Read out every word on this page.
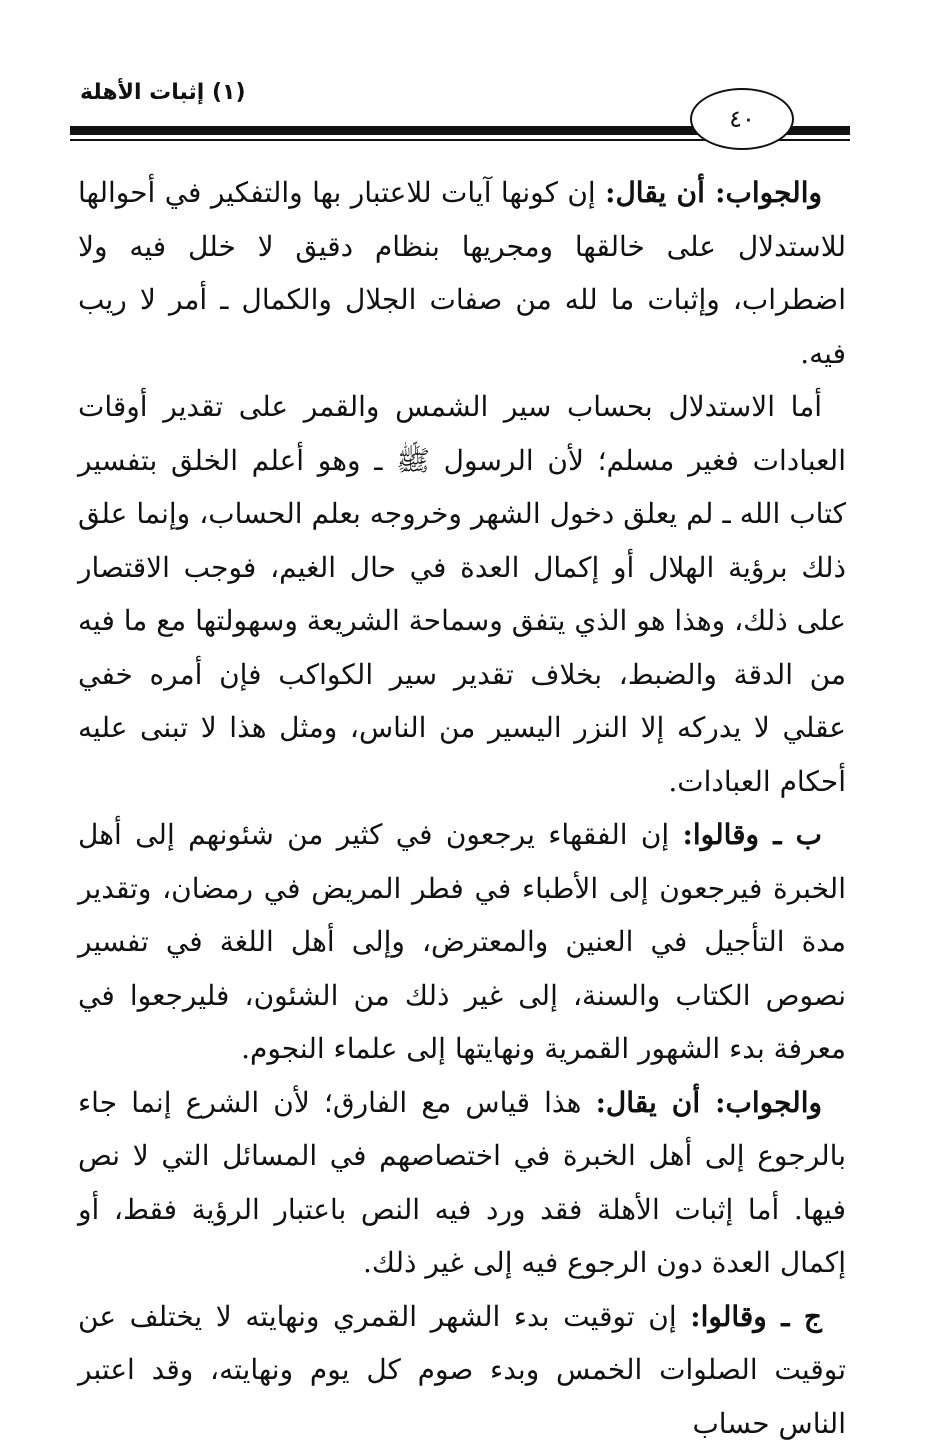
(١) إثبات الأهلة
٤٠

والجواب: أن يقال: إن كونها آيات للاعتبار بها والتفكير في أحوالها للاستدلال على خالقها ومجريها بنظام دقيق لا خلل فيه ولا اضطراب، وإثبات ما لله من صفات الجلال والكمال ـ أمر لا ريب فيه.

أما الاستدلال بحساب سير الشمس والقمر على تقدير أوقات العبادات فغير مسلم؛ لأن الرسول ﷺ ـ وهو أعلم الخلق بتفسير كتاب الله ـ لم يعلق دخول الشهر وخروجه بعلم الحساب، وإنما علق ذلك برؤية الهلال أو إكمال العدة في حال الغيم، فوجب الاقتصار على ذلك، وهذا هو الذي يتفق وسماحة الشريعة وسهولتها مع ما فيه من الدقة والضبط، بخلاف تقدير سير الكواكب فإن أمره خفي عقلي لا يدركه إلا النزر اليسير من الناس، ومثل هذا لا تبنى عليه أحكام العبادات.

ب ـ وقالوا: إن الفقهاء يرجعون في كثير من شئونهم إلى أهل الخبرة فيرجعون إلى الأطباء في فطر المريض في رمضان، وتقدير مدة التأجيل في العنين والمعترض، وإلى أهل اللغة في تفسير نصوص الكتاب والسنة، إلى غير ذلك من الشئون، فليرجعوا في معرفة بدء الشهور القمرية ونهايتها إلى علماء النجوم.

والجواب: أن يقال: هذا قياس مع الفارق؛ لأن الشرع إنما جاء بالرجوع إلى أهل الخبرة في اختصاصهم في المسائل التي لا نص فيها. أما إثبات الأهلة فقد ورد فيه النص باعتبار الرؤية فقط، أو إكمال العدة دون الرجوع فيه إلى غير ذلك.

ج ـ وقالوا: إن توقيت بدء الشهر القمري ونهايته لا يختلف عن توقيت الصلوات الخمس وبدء صوم كل يوم ونهايته، وقد اعتبر الناس حساب
